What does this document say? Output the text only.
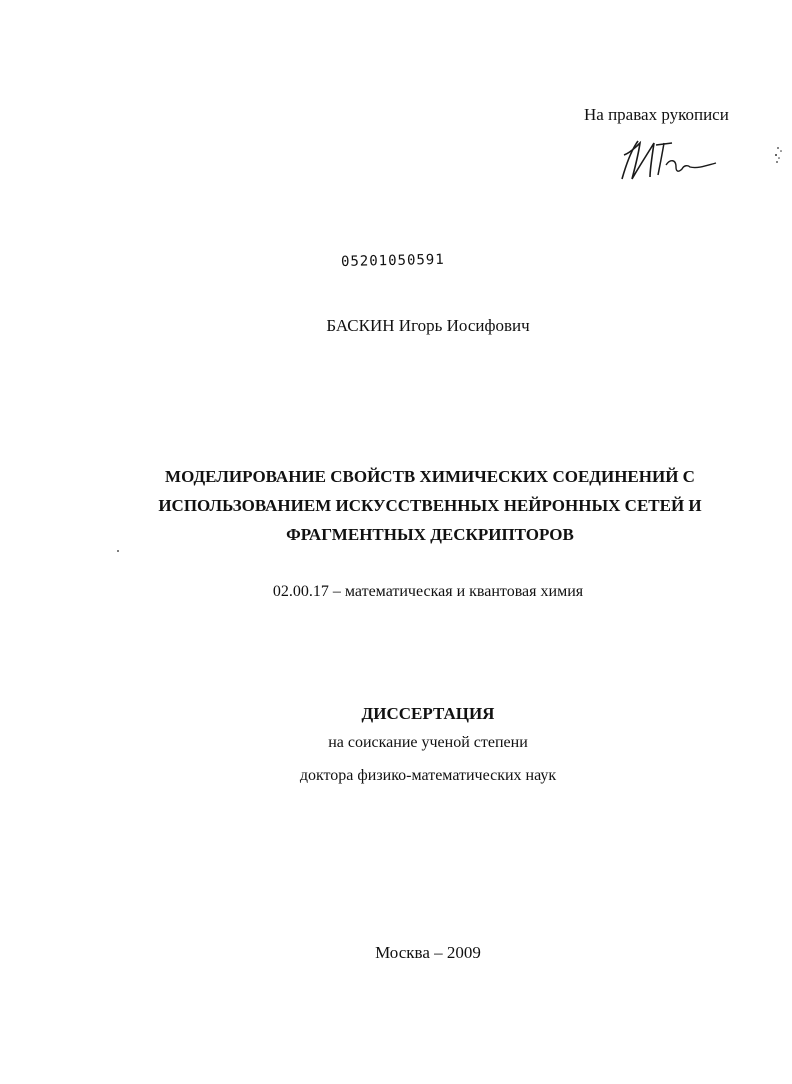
На правах рукописи
05201050591
БАСКИН Игорь Иосифович
МОДЕЛИРОВАНИЕ СВОЙСТВ ХИМИЧЕСКИХ СОЕДИНЕНИЙ С
ИСПОЛЬЗОВАНИЕМ ИСКУССТВЕННЫХ НЕЙРОННЫХ СЕТЕЙ И
ФРАГМЕНТНЫХ ДЕСКРИПТОРОВ
02.00.17 – математическая и квантовая химия
ДИССЕРТАЦИЯ
на соискание ученой степени
доктора физико-математических наук
Москва – 2009
